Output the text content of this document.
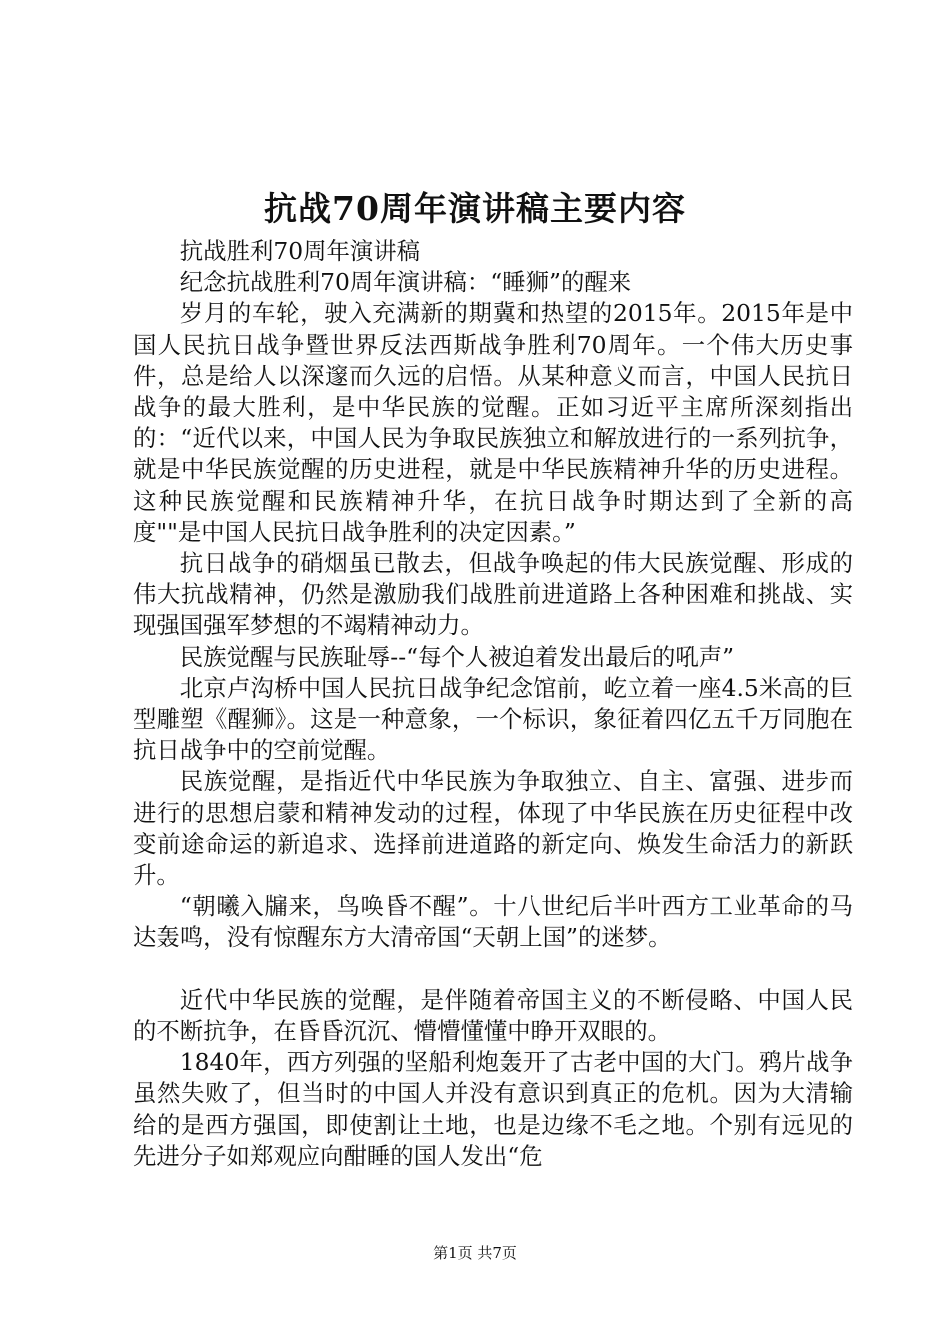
抗战70周年演讲稿主要内容

抗战胜利70周年演讲稿

纪念抗战胜利70周年演讲稿：“睡狮”的醒来

岁月的车轮，驶入充满新的期冀和热望的2015年。2015年是中国人民抗日战争暨世界反法西斯战争胜利70周年。一个伟大历史事件，总是给人以深邃而久远的启悟。从某种意义而言，中国人民抗日战争的最大胜利，是中华民族的觉醒。正如习近平主席所深刻指出的：“近代以来，中国人民为争取民族独立和解放进行的一系列抗争，就是中华民族觉醒的历史进程，就是中华民族精神升华的历史进程。这种民族觉醒和民族精神升华，在抗日战争时期达到了全新的高度""是中国人民抗日战争胜利的决定因素。”

抗日战争的硝烟虽已散去，但战争唤起的伟大民族觉醒、形成的伟大抗战精神，仍然是激励我们战胜前进道路上各种困难和挑战、实现强国强军梦想的不竭精神动力。

民族觉醒与民族耻辱--“每个人被迫着发出最后的吼声”

北京卢沟桥中国人民抗日战争纪念馆前，屹立着一座4.5米高的巨型雕塑《醒狮》。这是一种意象，一个标识，象征着四亿五千万同胞在抗日战争中的空前觉醒。

民族觉醒，是指近代中华民族为争取独立、自主、富强、进步而进行的思想启蒙和精神发动的过程，体现了中华民族在历史征程中改变前途命运的新追求、选择前进道路的新定向、焕发生命活力的新跃升。

“朝曦入牖来，鸟唤昏不醒”。十八世纪后半叶西方工业革命的马达轰鸣，没有惊醒东方大清帝国“天朝上国”的迷梦。

近代中华民族的觉醒，是伴随着帝国主义的不断侵略、中国人民的不断抗争，在昏昏沉沉、懵懵懂懂中睁开双眼的。

1840年，西方列强的坚船利炮轰开了古老中国的大门。鸦片战争虽然失败了，但当时的中国人并没有意识到真正的危机。因为大清输给的是西方强国，即使割让土地，也是边缘不毛之地。个别有远见的先进分子如郑观应向酣睡的国人发出“危

第1页 共7页
